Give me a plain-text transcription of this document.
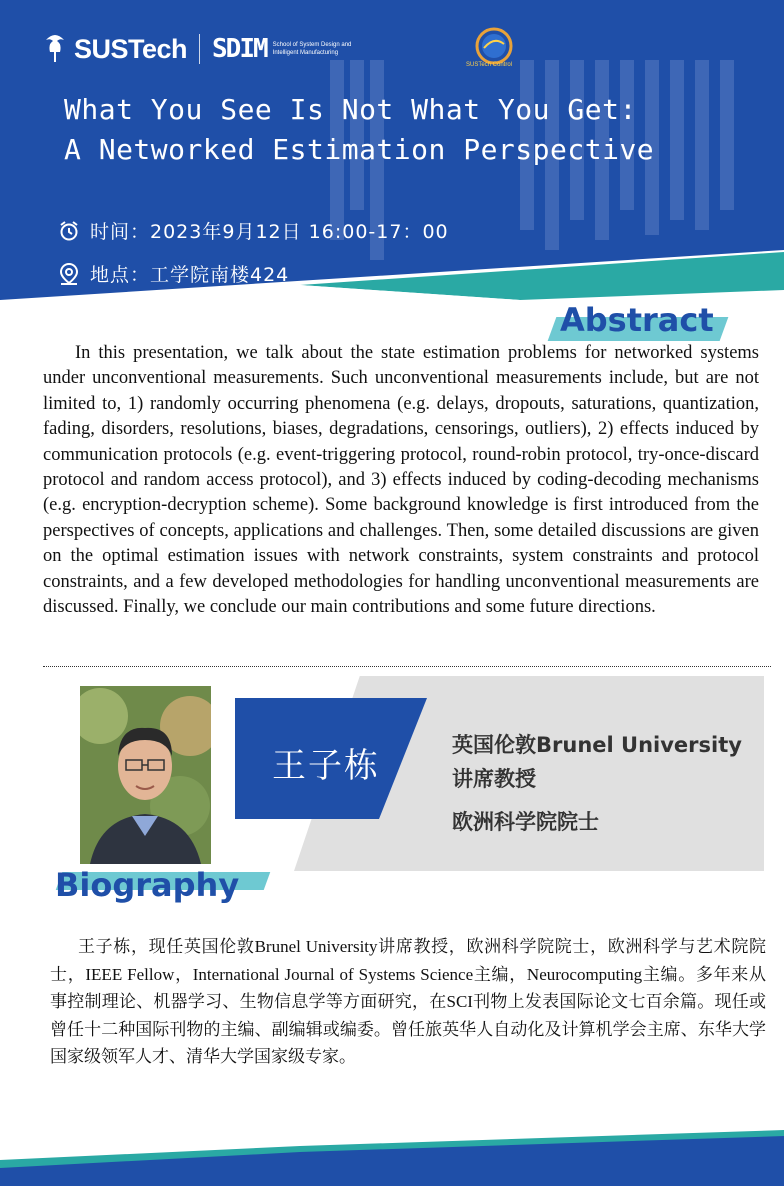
SUSTech SDIM School of System Design and Intelligent Manufacturing
SUSTech Control
What You See Is Not What You Get:
A Networked Estimation Perspective
时间：2023年9月12日 16:00-17：00
地点：工学院南楼424
Abstract
In this presentation, we talk about the state estimation problems for networked systems under unconventional measurements. Such unconventional measurements include, but are not limited to, 1) randomly occurring phenomena (e.g. delays, dropouts, saturations, quantization, fading, disorders, resolutions, biases, degradations, censorings, outliers), 2) effects induced by communication protocols (e.g. event-triggering protocol, round-robin protocol, try-once-discard protocol and random access protocol), and 3) effects induced by coding-decoding mechanisms (e.g. encryption-decryption scheme). Some background knowledge is first introduced from the perspectives of concepts, applications and challenges. Then, some detailed discussions are given on the optimal estimation issues with network constraints, system constraints and protocol constraints, and a few developed methodologies for handling unconventional measurements are discussed. Finally, we conclude our main contributions and some future directions.
王子栋
英国伦敦Brunel University
讲席教授
欧洲科学院院士
Biography
王子栋，现任英国伦敦Brunel University讲席教授，欧洲科学院院士，欧洲科学与艺术院院士，IEEE Fellow，International Journal of Systems Science主编，Neurocomputing主编。多年来从事控制理论、机器学习、生物信息学等方面研究，在SCI刊物上发表国际论文七百余篇。现任或曾任十二种国际刊物的主编、副编辑或编委。曾任旅英华人自动化及计算机学会主席、东华大学国家级领军人才、清华大学国家级专家。
